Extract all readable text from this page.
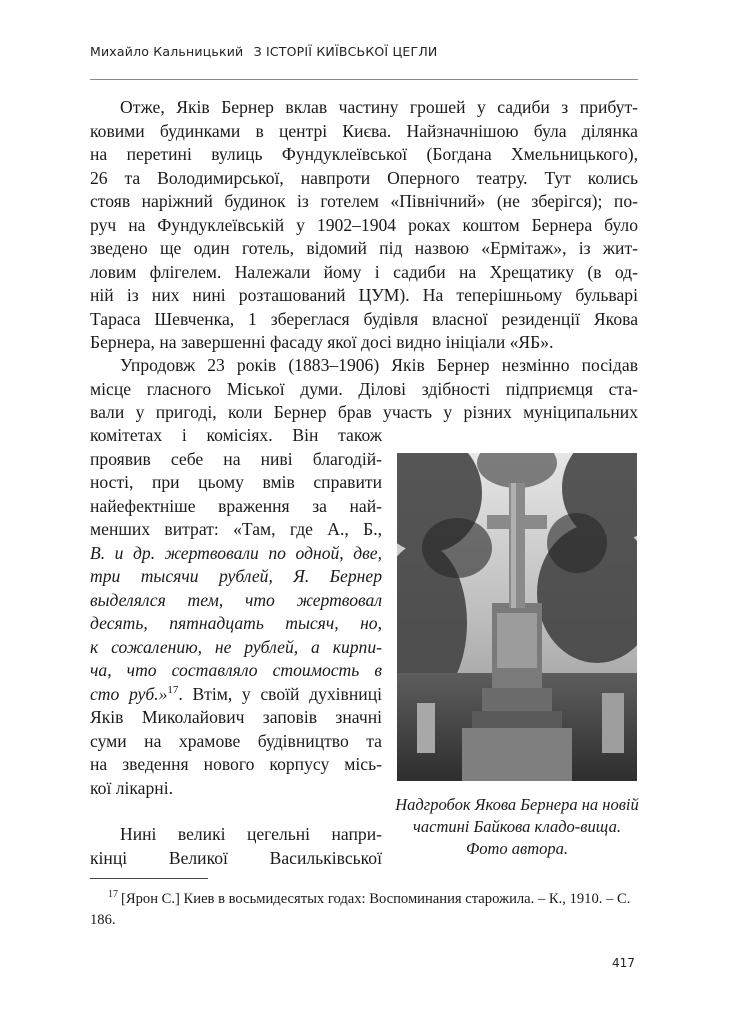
Михайло Кальницький З ІСТОРІЇ КИЇВСЬКОЇ ЦЕГЛИ
Отже, Яків Бернер вклав частину грошей у садиби з прибут-
ковими будинками в центрі Києва. Найзначнішою була ділянка
на перетині вулиць Фундуклеївської (Богдана Хмельницького),
26 та Володимирської, навпроти Оперного театру. Тут колись
стояв наріжний будинок із готелем «Північний» (не зберігся); по-
руч на Фундуклеївській у 1902–1904 роках коштом Бернера було
зведено ще один готель, відомий під назвою «Ермітаж», із жит-
ловим флігелем. Належали йому і садиби на Хрещатику (в од-
ній із них нині розташований ЦУМ). На теперішньому бульварі
Тараса Шевченка, 1 збереглася будівля власної резиденції Якова
Бернера, на завершенні фасаду якої досі видно ініціали «ЯБ».
Упродовж 23 років (1883–1906) Яків Бернер незмінно посідав
місце гласного Міської думи. Ділові здібності підприємця ста-
вали у пригоді, коли Бернер брав участь у різних муніципальних
комітетах і комісіях. Він також
проявив себе на ниві благодій-
ності, при цьому вмів справити
найефектніше враження за най-
менших витрат: «Там, где А., Б.,
В. и др. жертвовали по одной, две,
три тысячи рублей, Я. Бернер
выделялся тем, что жертвовал
десять, пятнадцать тысяч, но,
к сожалению, не рублей, а кирпи-
ча, что составляло стоимость в
сто руб.»$^{17}$. Втім, у своїй духівниці
Яків Миколайович заповів значні
суми на храмове будівництво та
на зведення нового корпусу місь-
кої лікарні.
Нині великі цегельні напри-
кінці Великої Васильківської
Надгробок Якова Бернера на новій частині Байкова кладо-вища. Фото автора.
$^{17}$ [Ярон С.] Киев в восьмидесятых годах: Воспоминания старожила. – К., 1910. – С. 186.
417
